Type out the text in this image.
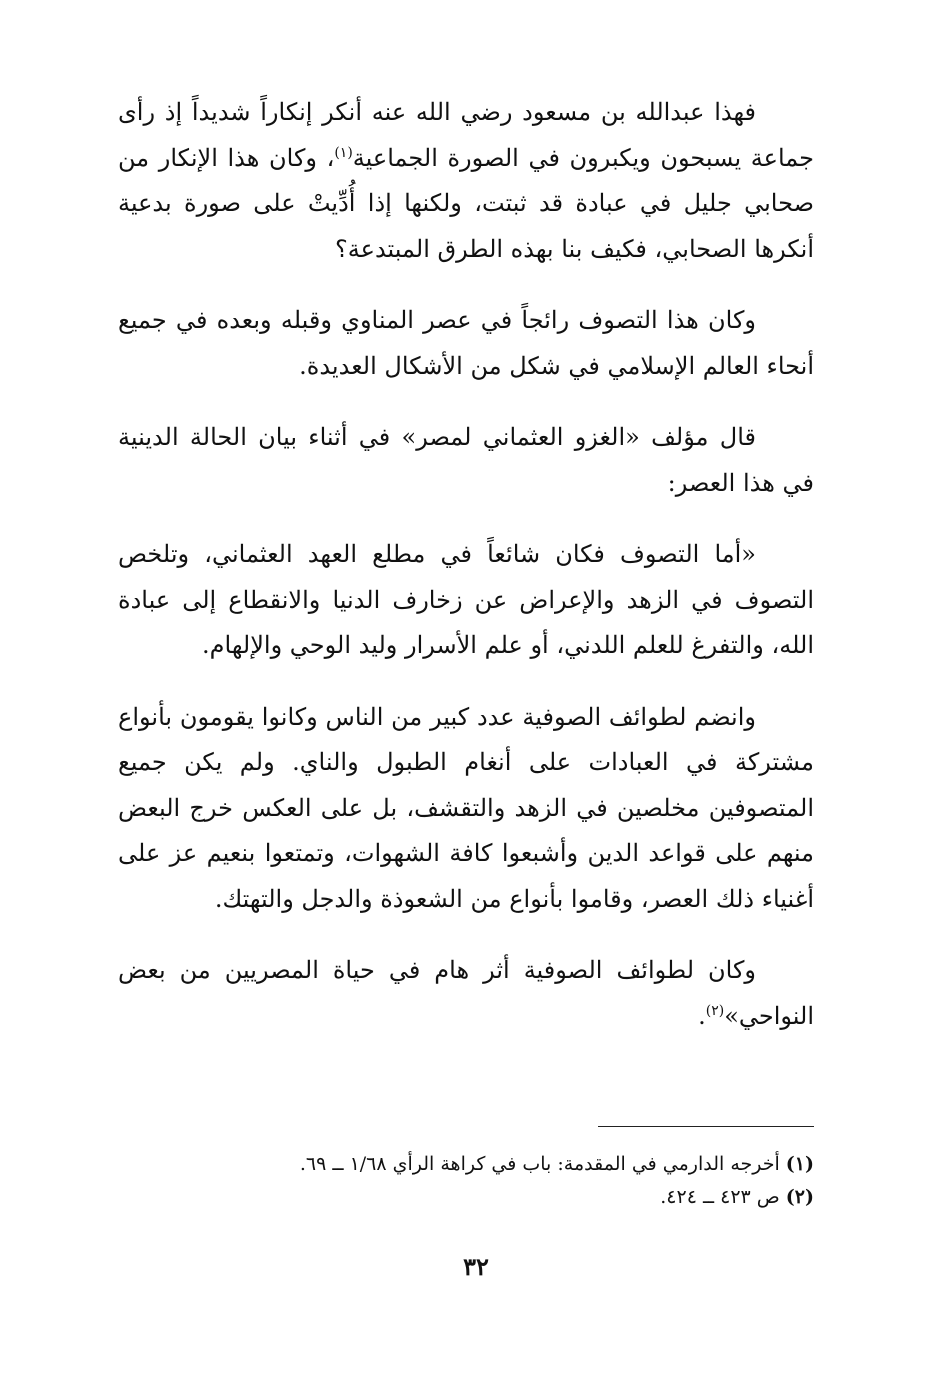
فهذا عبدالله بن مسعود رضي الله عنه أنكر إنكاراً شديداً إذ رأى جماعة يسبحون ويكبرون في الصورة الجماعية$^{(١)}$، وكان هذا الإنكار من صحابي جليل في عبادة قد ثبتت، ولكنها إذا أُدِّيتْ على صورة بدعية أنكرها الصحابي، فكيف بنا بهذه الطرق المبتدعة؟

وكان هذا التصوف رائجاً في عصر المناوي وقبله وبعده في جميع أنحاء العالم الإسلامي في شكل من الأشكال العديدة.

قال مؤلف «الغزو العثماني لمصر» في أثناء بيان الحالة الدينية في هذا العصر:

«أما التصوف فكان شائعاً في مطلع العهد العثماني، وتلخص التصوف في الزهد والإعراض عن زخارف الدنيا والانقطاع إلى عبادة الله، والتفرغ للعلم اللدني، أو علم الأسرار وليد الوحي والإلهام.

وانضم لطوائف الصوفية عدد كبير من الناس وكانوا يقومون بأنواع مشتركة في العبادات على أنغام الطبول والناي. ولم يكن جميع المتصوفين مخلصين في الزهد والتقشف، بل على العكس خرج البعض منهم على قواعد الدين وأشبعوا كافة الشهوات، وتمتعوا بنعيم عز على أغنياء ذلك العصر، وقاموا بأنواع من الشعوذة والدجل والتهتك.

وكان لطوائف الصوفية أثر هام في حياة المصريين من بعض النواحي»$^{(٢)}$.

(١)أخرجه الدارمي في المقدمة: باب في كراهة الرأي ١/٦٨ ــ ٦٩.

(٢)ص ٤٢٣ ــ ٤٢٤.

٣٢
